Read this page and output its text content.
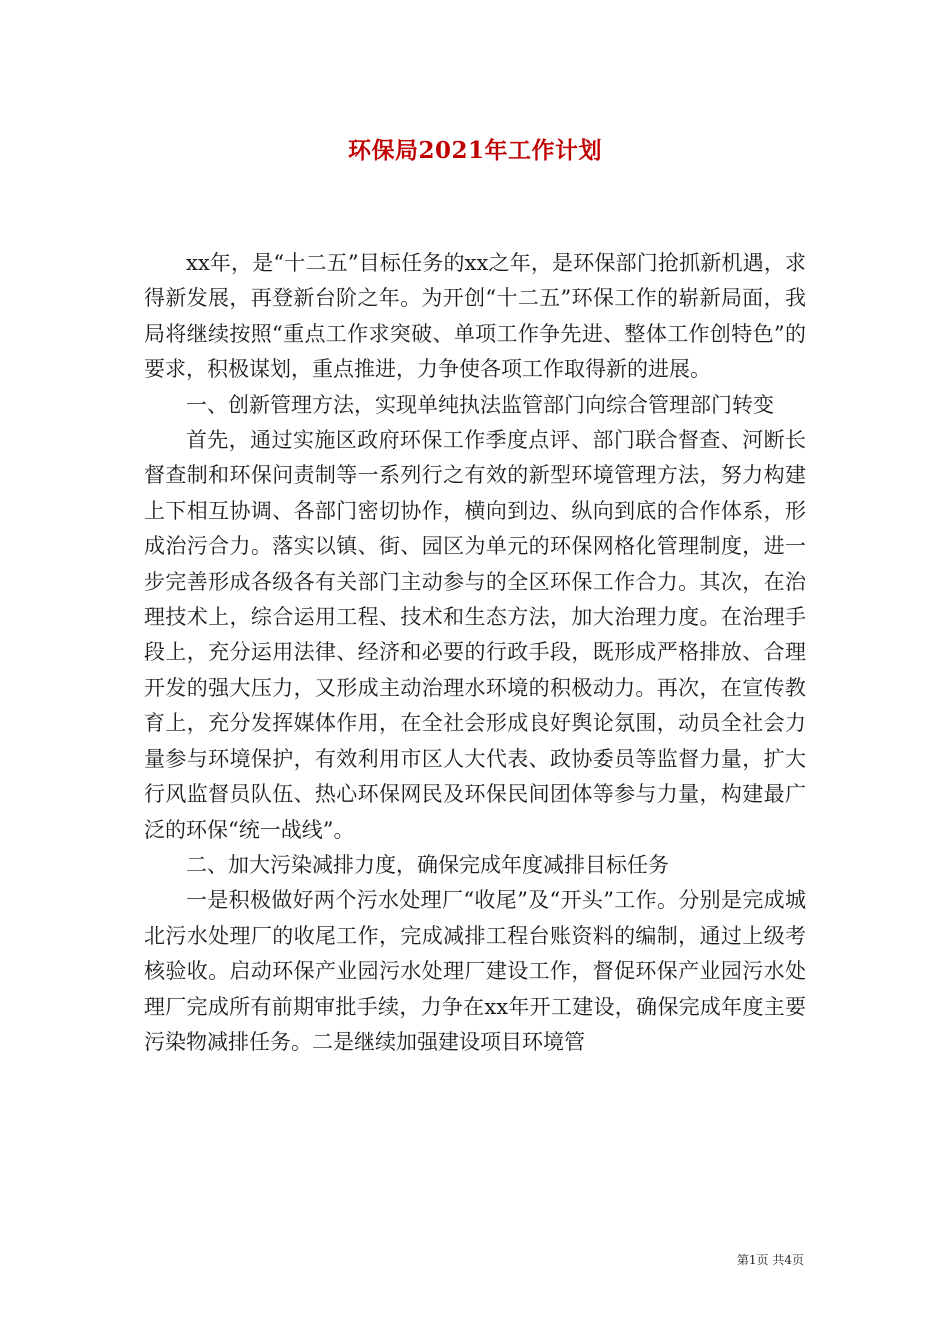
环保局2021年工作计划

xx年，是“十二五”目标任务的xx之年，是环保部门抢抓新机遇，求得新发展，再登新台阶之年。为开创“十二五”环保工作的崭新局面，我局将继续按照“重点工作求突破、单项工作争先进、整体工作创特色”的要求，积极谋划，重点推进，力争使各项工作取得新的进展。

一、创新管理方法，实现单纯执法监管部门向综合管理部门转变

首先，通过实施区政府环保工作季度点评、部门联合督查、河断长督查制和环保问责制等一系列行之有效的新型环境管理方法，努力构建上下相互协调、各部门密切协作，横向到边、纵向到底的合作体系，形成治污合力。落实以镇、街、园区为单元的环保网格化管理制度，进一步完善形成各级各有关部门主动参与的全区环保工作合力。其次，在治理技术上，综合运用工程、技术和生态方法，加大治理力度。在治理手段上，充分运用法律、经济和必要的行政手段，既形成严格排放、合理开发的强大压力，又形成主动治理水环境的积极动力。再次，在宣传教育上，充分发挥媒体作用，在全社会形成良好舆论氛围，动员全社会力量参与环境保护，有效利用市区人大代表、政协委员等监督力量，扩大行风监督员队伍、热心环保网民及环保民间团体等参与力量，构建最广泛的环保“统一战线”。

二、加大污染减排力度，确保完成年度减排目标任务

一是积极做好两个污水处理厂“收尾”及“开头”工作。分别是完成城北污水处理厂的收尾工作，完成减排工程台账资料的编制，通过上级考核验收。启动环保产业园污水处理厂建设工作，督促环保产业园污水处理厂完成所有前期审批手续，力争在xx年开工建设，确保完成年度主要污染物减排任务。二是继续加强建设项目环境管

第1页 共4页
